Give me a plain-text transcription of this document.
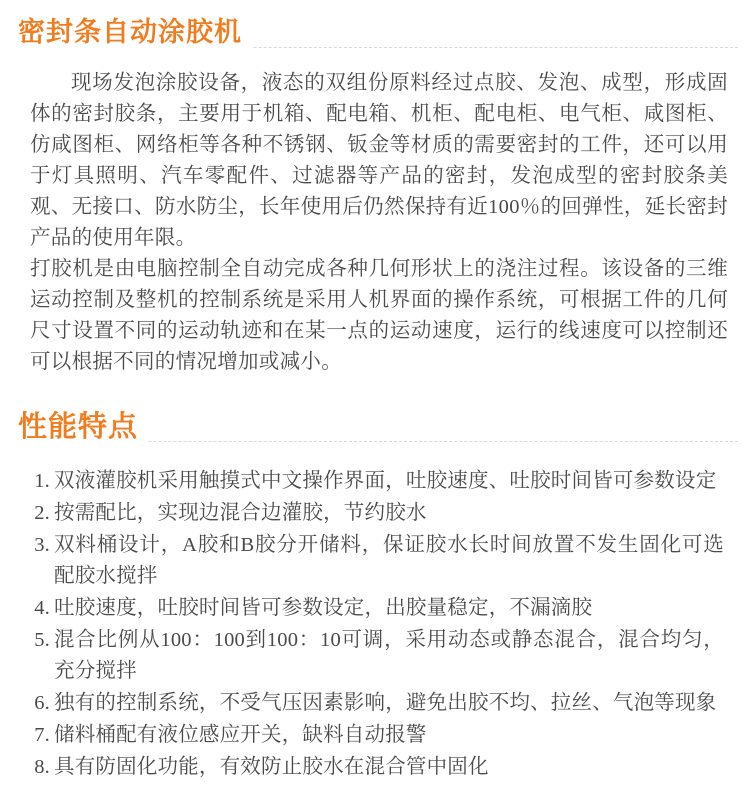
密封条自动涂胶机

现场发泡涂胶设备，液态的双组份原料经过点胶、发泡、成型，形成固体的密封胶条，主要用于机箱、配电箱、机柜、配电柜、电气柜、咸图柜、仿咸图柜、网络柜等各种不锈钢、钣金等材质的需要密封的工件，还可以用于灯具照明、汽车零配件、过滤器等产品的密封，发泡成型的密封胶条美观、无接口、防水防尘，长年使用后仍然保持有近100％的回弹性，延长密封产品的使用年限。

打胶机是由电脑控制全自动完成各种几何形状上的浇注过程。该设备的三维运动控制及整机的控制系统是采用人机界面的操作系统，可根据工件的几何尺寸设置不同的运动轨迹和在某一点的运动速度，运行的线速度可以控制还可以根据不同的情况增加或减小。

性能特点
双液灌胶机采用触摸式中文操作界面，吐胶速度、吐胶时间皆可参数设定
按需配比，实现边混合边灌胶，节约胶水
双料桶设计，A胶和B胶分开储料，保证胶水长时间放置不发生固化可选配胶水搅拌
吐胶速度，吐胶时间皆可参数设定，出胶量稳定，不漏滴胶
混合比例从100：100到100：10可调，采用动态或静态混合，混合均匀，充分搅拌
独有的控制系统，不受气压因素影响，避免出胶不均、拉丝、气泡等现象
储料桶配有液位感应开关，缺料自动报警
具有防固化功能，有效防止胶水在混合管中固化
